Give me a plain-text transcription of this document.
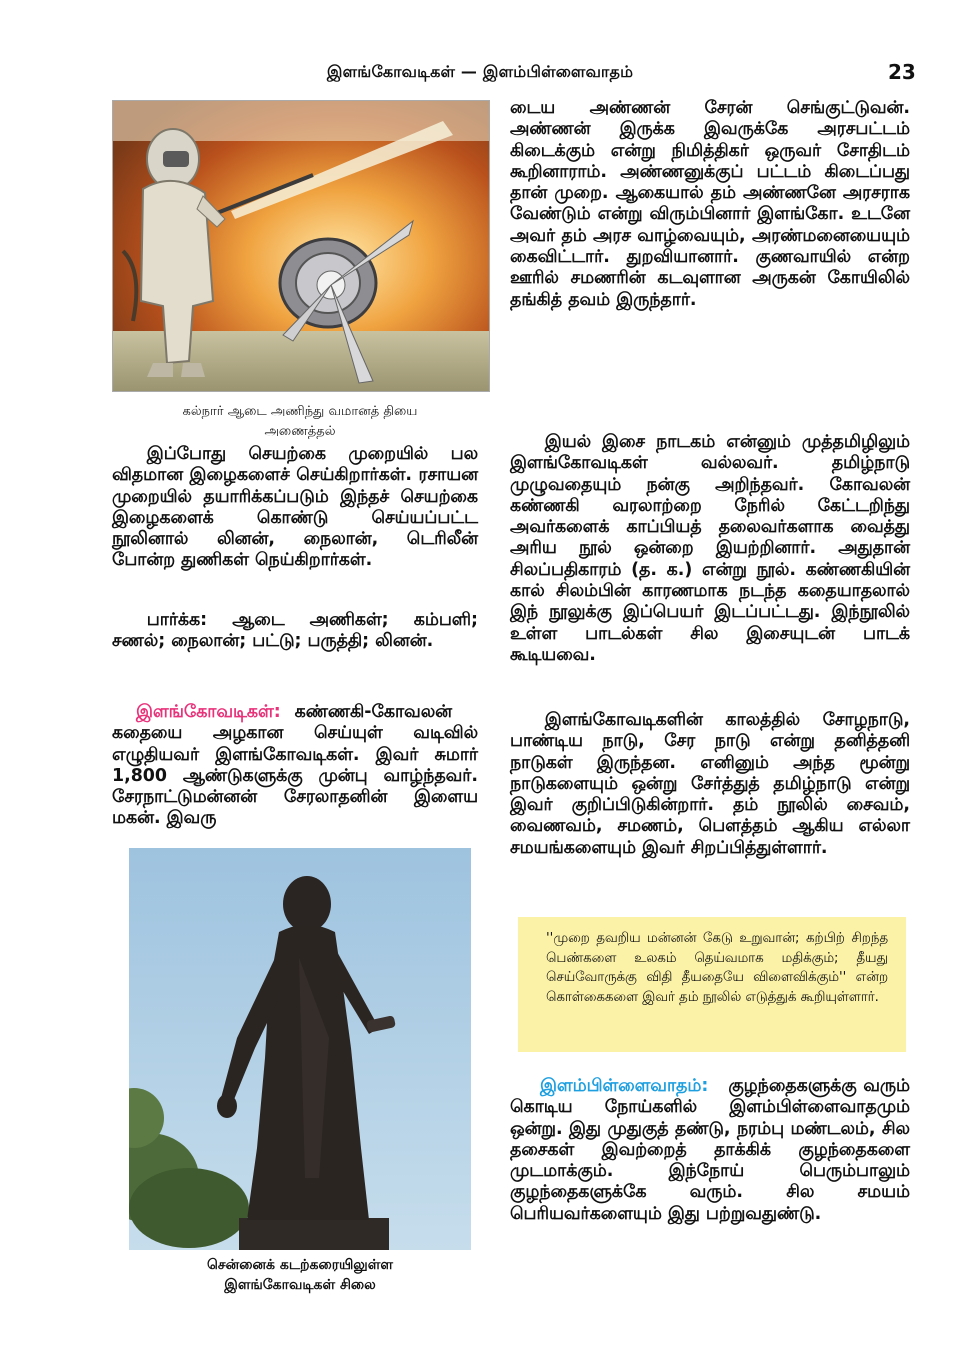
இளங்கோவடிகள் — இளம்பிள்ளைவாதம்	23
கல்நார் ஆடை அணிந்து வமானத் தியை
அணைத்தல்

இப்போது செயற்கை முறையில் பல விதமான இழைகளைச் செய்கிறார்கள். ரசாயன முறையில் தயாரிக்கப்படும் இந்தச் செயற்கை இழைகளைக் கொண்டு செய்யப்பட்ட நூலினால் லினன், நைலான், டெரிலீன் போன்ற துணிகள் நெய்கிறார்கள்.

பார்க்க: ஆடை அணிகள்; கம்பளி; சணல்; நைலான்; பட்டு; பருத்தி; லினன்.

இளங்கோவடிகள்: கண்ணகி-கோவலன் கதையை அழகான செய்யுள் வடிவில் எழுதியவர் இளங்கோவடிகள். இவர் சுமார் 1,800 ஆண்டுகளுக்கு முன்பு வாழ்ந்தவர். சேரநாட்டுமன்னன் சேரலாதனின் இளைய மகன். இவரு

சென்னைக் கடற்கரையிலுள்ள
இளங்கோவடிகள் சிலை

டைய அண்ணன் சேரன் செங்குட்டுவன். அண்ணன் இருக்க இவருக்கே அரசபட்டம் கிடைக்கும் என்று நிமித்திகர் ஒருவர் சோதிடம் கூறினாராம். அண்ணனுக்குப் பட்டம் கிடைப்பது தான் முறை. ஆகையால் தம் அண்ணனே அரசராக வேண்டும் என்று விரும்பினார் இளங்கோ. உடனே அவர் தம் அரச வாழ்வையும், அரண்மனையையும் கைவிட்டார். துறவியானார். குணவாயில் என்ற ஊரில் சமணரின் கடவுளான அருகன் கோயிலில் தங்கித் தவம் இருந்தார்.

இயல் இசை நாடகம் என்னும் முத்தமிழிலும் இளங்கோவடிகள் வல்லவர். தமிழ்நாடு முழுவதையும் நன்கு அறிந்தவர். கோவலன் கண்ணகி வரலாற்றை நேரில் கேட்டறிந்து அவர்களைக் காப்பியத் தலைவர்களாக வைத்து அரிய நூல் ஒன்றை இயற்றினார். அதுதான் சிலப்பதிகாரம் (த. க.) என்று நூல். கண்ணகியின் கால் சிலம்பின் காரணமாக நடந்த கதையாதலால் இந் நூலுக்கு இப்பெயர் இடப்பட்டது. இந்நூலில் உள்ள பாடல்கள் சில இசையுடன் பாடக் கூடியவை.

இளங்கோவடிகளின் காலத்தில் சோழநாடு, பாண்டிய நாடு, சேர நாடு என்று தனித்தனி நாடுகள் இருந்தன. எனினும் அந்த மூன்று நாடுகளையும் ஒன்று சேர்த்துத் தமிழ்நாடு என்று இவர் குறிப்பிடுகின்றார். தம் நூலில் சைவம், வைணவம், சமணம், பௌத்தம் ஆகிய எல்லா சமயங்களையும் இவர் சிறப்பித்துள்ளார்.

''முறை தவறிய மன்னன் கேடு உறுவான்; கற்பிற் சிறந்த பெண்களை உலகம் தெய்வமாக மதிக்கும்; தீயது செய்வோருக்கு விதி தீயதையே விளைவிக்கும்'' என்ற கொள்கைகளை இவர் தம் நூலில் எடுத்துக் கூறியுள்ளார்.

இளம்பிள்ளைவாதம்: குழந்தைகளுக்கு வரும் கொடிய நோய்களில் இளம்பிள்ளைவாதமும் ஒன்று. இது முதுகுத் தண்டு, நரம்பு மண்டலம், சில தசைகள் இவற்றைத் தாக்கிக் குழந்தைகளை முடமாக்கும். இந்நோய் பெரும்பாலும் குழந்தைகளுக்கே வரும். சில சமயம் பெரியவர்களையும் இது பற்றுவதுண்டு.
